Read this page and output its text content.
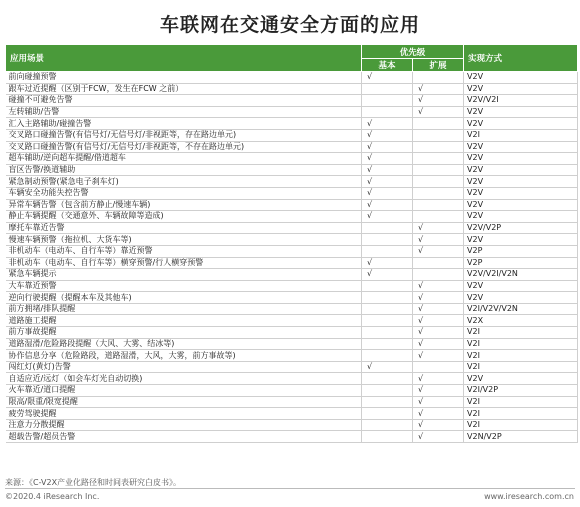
车联网在交通安全方面的应用
应用场景	优先级		实现方式
	基本	扩展	
前向碰撞预警	√		V2V
跟车过近提醒（区别于FCW，发生在FCW 之前）		√	V2V
碰撞不可避免告警		√	V2V/V2I
左转辅助/告警		√	V2V
汇入主路辅助/碰撞告警	√		V2V
交叉路口碰撞告警(有信号灯/无信号灯/非视距等，存在路边单元)	√		V2I
交叉路口碰撞告警(有信号灯/无信号灯/非视距等，不存在路边单元)	√		V2V
超车辅助/逆向超车提醒/借道超车	√		V2V
盲区告警/换道辅助	√		V2V
紧急制动预警(紧急电子刹车灯)	√		V2V
车辆安全功能失控告警	√		V2V
异常车辆告警（包含前方静止/慢速车辆)	√		V2V
静止车辆提醒（交通意外、车辆故障等造成)	√		V2V
摩托车靠近告警		√	V2V/V2P
慢速车辆预警（拖拉机、大货车等)		√	V2V
非机动车（电动车、自行车等）靠近预警		√	V2P
非机动车（电动车、自行车等）横穿预警/行人横穿预警	√		V2P
紧急车辆提示	√		V2V/V2I/V2N
大车靠近预警		√	V2V
逆向行驶提醒（提醒本车及其他车)		√	V2V
前方拥堵/排队提醒		√	V2I/V2V/V2N
道路施工提醒		√	V2X
前方事故提醒		√	V2I
道路湿滑/危险路段提醒（大风、大雾、结冰等)		√	V2I
协作信息分享（危险路段，道路湿滑，大风，大雾，前方事故等)		√	V2I
闯红灯(黄灯)告警	√		V2I
自适应近/远灯（如会车灯光自动切换)		√	V2V
火车靠近/道口提醒		√	V2I/V2P
限高/限重/限宽提醒		√	V2I
疲劳驾驶提醒		√	V2I
注意力分散提醒		√	V2I
超载告警/超员告警		√	V2N/V2P
来源：《C-V2X产业化路径和时间表研究白皮书》。
©2020.4 iResearch Inc.	www.iresearch.com.cn
